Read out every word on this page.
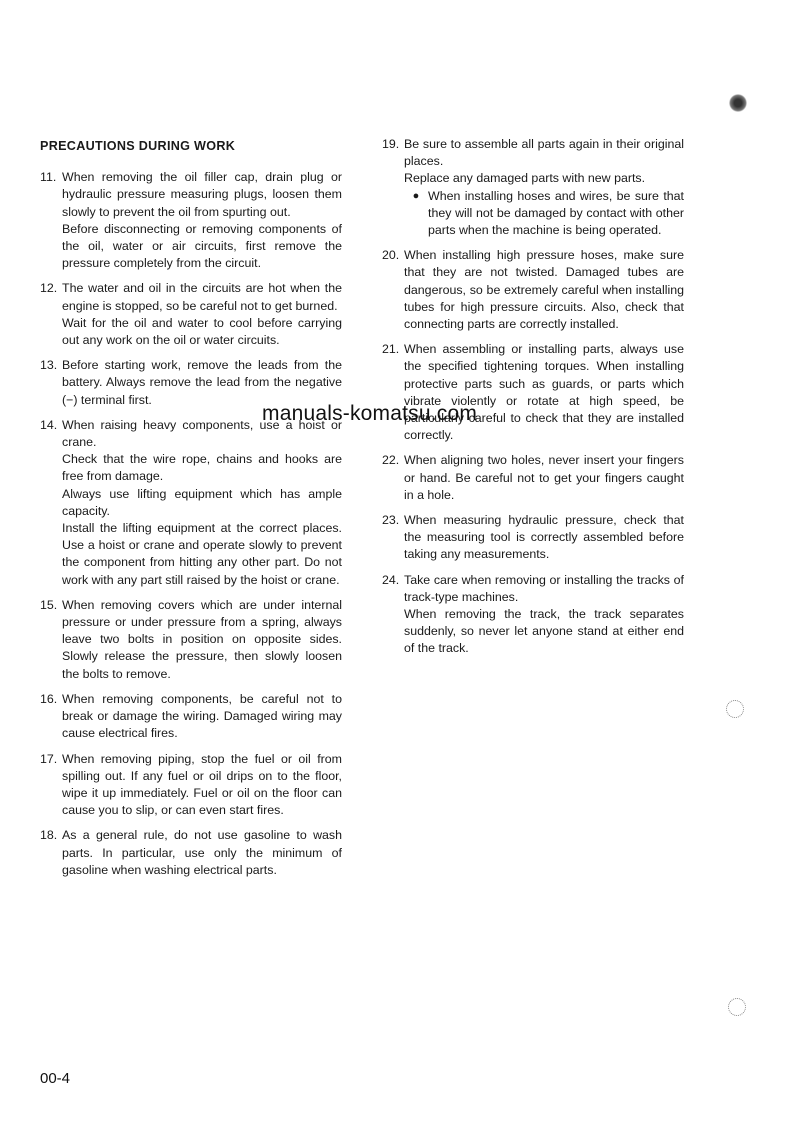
PRECAUTIONS DURING WORK
11. When removing the oil filler cap, drain plug or hydraulic pressure measuring plugs, loosen them slowly to prevent the oil from spurting out.

Before disconnecting or removing components of the oil, water or air circuits, first remove the pressure completely from the circuit.

12. The water and oil in the circuits are hot when the engine is stopped, so be careful not to get burned.

Wait for the oil and water to cool before carrying out any work on the oil or water circuits.

13. Before starting work, remove the leads from the battery. Always remove the lead from the negative (−) terminal first.

14. When raising heavy components, use a hoist or crane.

Check that the wire rope, chains and hooks are free from damage.

Always use lifting equipment which has ample capacity.

Install the lifting equipment at the correct places. Use a hoist or crane and operate slowly to prevent the component from hitting any other part. Do not work with any part still raised by the hoist or crane.

15. When removing covers which are under internal pressure or under pressure from a spring, always leave two bolts in position on opposite sides. Slowly release the pressure, then slowly loosen the bolts to remove.

16. When removing components, be careful not to break or damage the wiring. Damaged wiring may cause electrical fires.

17. When removing piping, stop the fuel or oil from spilling out. If any fuel or oil drips on to the floor, wipe it up immediately. Fuel or oil on the floor can cause you to slip, or can even start fires.

18. As a general rule, do not use gasoline to wash parts. In particular, use only the minimum of gasoline when washing electrical parts.

19. Be sure to assemble all parts again in their original places.

Replace any damaged parts with new parts.

● When installing hoses and wires, be sure that they will not be damaged by contact with other parts when the machine is being operated.
20. When installing high pressure hoses, make sure that they are not twisted. Damaged tubes are dangerous, so be extremely careful when installing tubes for high pressure circuits. Also, check that connecting parts are correctly installed.

21. When assembling or installing parts, always use the specified tightening torques. When installing protective parts such as guards, or parts which vibrate violently or rotate at high speed, be particularly careful to check that they are installed correctly.

22. When aligning two holes, never insert your fingers or hand. Be careful not to get your fingers caught in a hole.

23. When measuring hydraulic pressure, check that the measuring tool is correctly assembled before taking any measurements.

24. Take care when removing or installing the tracks of track-type machines.

When removing the track, the track separates suddenly, so never let anyone stand at either end of the track.

manuals-komatsu.com
00-4
